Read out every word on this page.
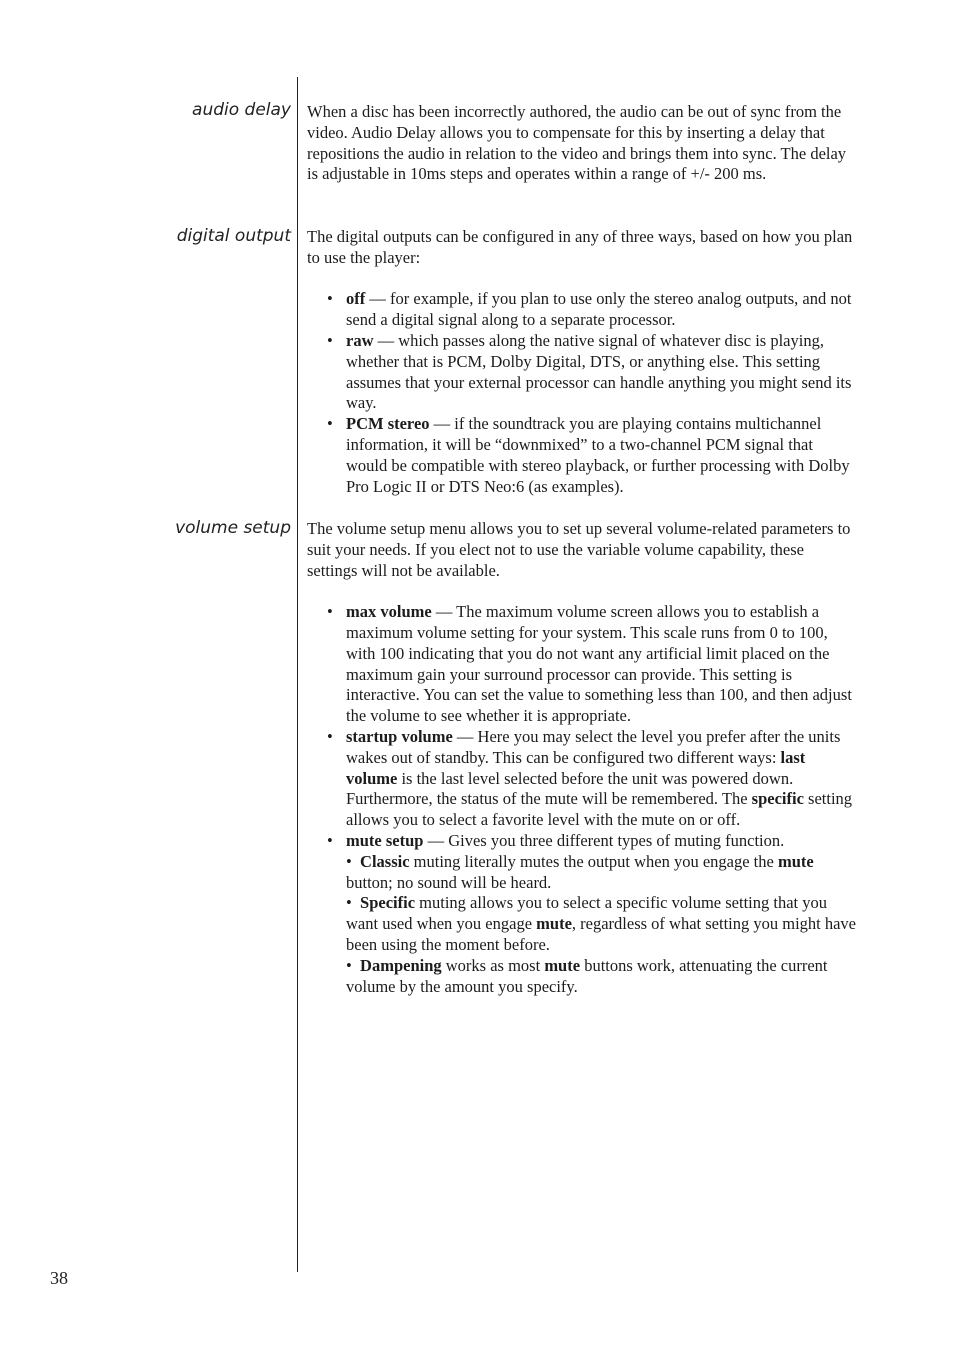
audio delay When a disc has been incorrectly authored, the audio can be out of sync from the video. Audio Delay allows you to compensate for this by inserting a delay that repositions the audio in relation to the video and brings them into sync. The delay is adjustable in 10ms steps and operates within a range of +/- 200 ms.

digital output The digital outputs can be configured in any of three ways, based on how you plan to use the player:

• off — for example, if you plan to use only the stereo analog outputs, and not send a digital signal along to a separate processor.
• raw — which passes along the native signal of whatever disc is playing, whether that is PCM, Dolby Digital, DTS, or anything else. This setting assumes that your external processor can handle anything you might send its way.
• PCM stereo — if the soundtrack you are playing contains multichannel information, it will be “downmixed” to a two-channel PCM signal that would be compatible with stereo playback, or further processing with Dolby Pro Logic II or DTS Neo:6 (as examples).
volume setup The volume setup menu allows you to set up several volume-related parameters to suit your needs. If you elect not to use the variable volume capability, these settings will not be available.

• max volume — The maximum volume screen allows you to establish a maximum volume setting for your system. This scale runs from 0 to 100, with 100 indicating that you do not want any artificial limit placed on the maximum gain your surround processor can provide. This setting is interactive. You can set the value to something less than 100, and then adjust the volume to see whether it is appropriate.
• startup volume — Here you may select the level you prefer after the units wakes out of standby. This can be configured two different ways: last volume is the last level selected before the unit was powered down. Furthermore, the status of the mute will be remembered. The specific setting allows you to select a favorite level with the mute on or off.
• mute setup — Gives you three different types of muting function.
• Classic muting literally mutes the output when you engage the mute button; no sound will be heard.
• Specific muting allows you to select a specific volume setting that you want used when you engage mute, regardless of what setting you might have been using the moment before.
• Dampening works as most mute buttons work, attenuating the current volume by the amount you specify.
38
